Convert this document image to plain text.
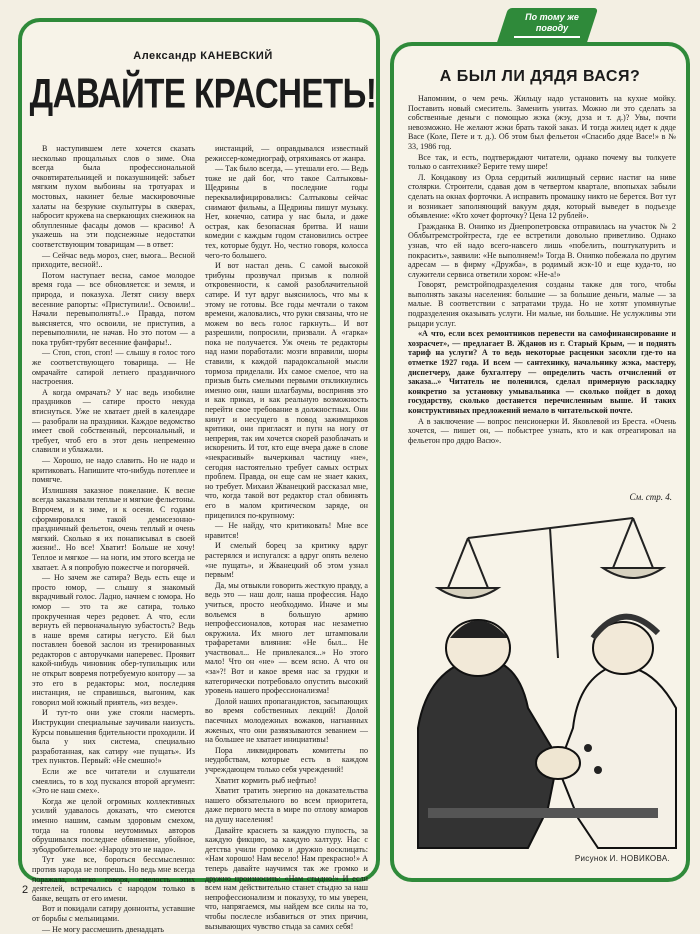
Александр КАНЕВСКИЙ
ДАВАЙТЕ КРАСНЕТЬ!

В наступившем лете хочется сказать несколько прощальных слов о зиме. Она всегда была профессиональной очковтирательницей и показушницей: забьет мягким пухом выбоины на тротуарах и мостовых, накинет белые маскировочные халаты на безрукие скульптуры в скверах, набросит кружева на сверкающих снежинок на облупленные фасады домов — красиво! А укажешь на эти подснежные недостатки соответствующим товарищам — в ответ:

— Сейчас ведь мороз, снег, вьюга... Весной приходите, весной!..

Потом наступает весна, самое молодое время года — все обновляется: и земля, и природа, и показуха. Летят снизу вверх весенние рапорты: «Приступили!.. Освоили!.. Начали перевыполнять!..» Правда, потом выясняется, что освоили, не приступив, а перевыполнили, не начав. Но это потом — а пока трубят-трубят весенние фанфары!..

— Стоп, стоп, стоп! — слышу я голос того же соответствующего товарища. — Не омрачайте сатирой летнего праздничного настроения.

А когда омрачать? У нас ведь изобилие праздников — сатире просто некуда втиснуться. Уже не хватает дней в календаре — разобрали на праздники. Каждое ведомство имеет свой собственный, персональный, и требует, чтоб его в этот день непременно славили и ублажали.

— Хорошо, не надо славить. Но не надо и критиковать. Напишите что-нибудь потеплее и помягче.

Излишняя заказное пожелание. К весне всегда заказывали теплые и мягкие фельетоны. Впрочем, и к зиме, и к осени. С годами сформировался такой демисезонно-праздничный фельетон, очень теплый и очень мягкий. Сколько я их понаписывал в своей жизни!.. Но все! Хватит! Больше не хочу! Теплое и мягкое — на ноги, им этого всегда не хватает. А я попробую пожестче и погорячей.

— Но зачем же сатира? Ведь есть еще и просто юмор, — слышу я знакомый вкрадчивый голос. Ладно, начнем с юмора. Но юмор — это та же сатира, только прокрученная через редовет. А что, если вернуть ей первоначальную зубастость? Ведь в наше время сатиры негусто. Ей был поставлен боевой заслон из тренированных редакторов с авторучками наперевес. Проявит какой-нибудь чиновник обер-тупильщик или не открыт вовремя потребуемую контору — за это его в редакторы: мол, последняя инстанция, не справишься, выгоним, как говорил мой южный приятель, «из везде».

И тут-то они уже стояли насмерть. Инструкции специальные заучивали наизусть. Курсы повышения бдительности проходили. И была у них система, специально разработанная, как сатиру «не пущать». Из трех пунктов. Первый: «Не смешно!»

Если же все читатели и слушатели смеялись, то в ход пускался второй аргумент: «Это не наш смех».

Когда же целой огромных коллективных усилий удавалось доказать, что смеются именно нашим, самым здоровым смехом, тогда на головы неутомимых авторов обрушивался последнее обвинение, убойное, зубодробительное: «Народу это не надо».

Тут уже все, бороться бессмысленно: против народа не попрешь. Но ведь мне всегда поражала, мягко говоря, смелость этих деятелей, встречались с народом только в банке, вещать от его имени.

Вот и покидали сатиру доннонты, уставшие от борьбы с мельницами.

— Не могу рассмешить двенадцать

инстанций, — оправдывался известный режиссер-комедиограф, отряхиваясь от жанра.

— Так было всегда, — утешали его. — Ведь тоже не дай бог, что такое Салтыковы-Щедрины в последние годы переквалифицировались: Салтыковы сейчас снимают фильмы, а Щедрины пишут музыку. Нет, конечно, сатира у нас была, и даже острая, как безопасная бритва. И наши комедии с каждым годом становились острее тех, которые будут. Но, честно говоря, колосса чего-то большего.

И вот настал день. С самой высокой трибуны прозвучал призыв к полной откровенности, к самой разоблачительной сатире. И тут вдруг выяснилось, что мы к этому не готовы. Все годы мечтали о таком времени, жаловались, что руки связаны, что не можем во весь голос гаркнуть... И вот разрешили, попросили, призвали. А «гарка» пока не получается. Уж очень те редакторы над нами поработали: мозги вправили, шоры ставили, к каждой парадоксальной мысли тормоза приделали. Их самое смелое, что на призыв быть смелыми первыми откликнулись именно они, наши шлагбаумы, восприняв это и как приказ, и как реальную возможность перейти свое требование в должностных. Они кинут и несущего в повод зажимщиков критики, они пригласят и пугн на ногу от непрерия, так им хочется скорей разоблачать и искоренить. И тот, кто еще вчера даже в слове «некрасивый» вычеркивал частицу «не», сегодня настоятельно требует самых острых проблем. Правда, он еще сам не знает каких, но требует. Михаил Жванецкий рассказал мне, что, когда такой вот редактор стал обвинять его в малом критическом заряде, он прицепился по-крупному:

— Не найду, что критиковать! Мне все нравится!

И смелый борец за критику вдруг растерялся и испугался: а вдруг опять велено «не пущать», и Жванецкий об этом узнал первым!

Да, мы отвыкли говорить жесткую правду, а ведь это — наш долг, наша профессия. Надо учиться, просто необходимо. Иначе и мы вольемся в большую армию непрофессионалов, которая нас незаметно окружила. Их много лет штамповали трафаретами влияния: «Не был... Не участвовал... Не привлекался...» Но этого мало! Что он «не» — всем ясно. А что он «за»?! Вот и какое время нас за грудки и категорически потребовало опустить высокий уровень нашего профессионализма!

Долой наших пропагандистов, засыпающих во время собственных лекций! Долой пасечных молодежных вожаков, нагнанных жженых, что они развязываются зеванием — на большее не хватает инициативы!

Пора ликвидировать комитеты по неудобствам, которые есть в каждом учреждающем только себя учреждений!

Хватит кормить рыб нефтью!

Хватит тратить энергию на доказательства нашего обязательного во всем приоритета, даже первого места в мире по отлову комаров на душу населения!

Давайте краснеть за каждую глупость, за каждую фикцию, за каждую халтуру. Нас с детства учили громко и дружно восклицать: «Нам хорошо! Нам весело! Нам прекрасно!» А теперь давайте научимся так же громко и дружно произносить: «Нам стыдно!» И если всем нам действительно станет стыдно за наш непрофессионализм и показуху, то мы уверен, что, напрягаемся, мы найдем все силы на то, чтобы послесле избавиться от этих причин, вызывающих чувство стыда за самих себя!

По тому же
поводу
А БЫЛ ЛИ ДЯДЯ ВАСЯ?

Напомним, о чем речь. Жильцу надо установить на кухне мойку. Поставить новый смеситель. Заменить унитаз. Можно ли это сделать за собственные деньги с помощью жэка (жэу, дэза и т. д.)? Увы, почти невозможно. Не желают жэки брать такой заказ. И тогда жилец идет к дяде Васе (Коле, Пете и т. д.). Об этом был фельетон «Спасибо дяде Васе!» в № 33, 1986 год.

Все так, и есть, подтверждают читатели, однако почему вы толкуете только о сантехнике? Берите тему шире!

Л. Кондакову из Орла сердитый жилищный сервис настиг на ниве столярки. Строители, сдавая дом в четвертом квартале, впопыхах забыли сделать на окнах форточки. А исправить промашку никто не берется. Вот тут и возникает заполняющий вакуум дядя, который выведет в подъезде объявление: «Кто хочет форточку? Цена 12 рублей».

Гражданка В. Онипко из Днепропетровска отправилась на участок № 2 Облбытремстройтреста, где ее встретили довольно приветливо. Однако узнав, что ей надо всего-навсего лишь «побелить, поштукатурить и покрасить», заявили: «Не выполняем!» Тогда В. Онипко побежала по другим адресам — в фирму «Дружба», в родимый жэк-10 и еще куда-то, но служители сервиса ответили хором: «Не-а!»

Говорят, ремстройподразделения созданы также для того, чтобы выполнять заказы населения: большие — за большие деньги, малые — за малые. В соответствии с затратами труда. Но не хотят упомянутые подразделения оказывать услуги. Ни малые, ни большие. Не услужливы эти рыцари услуг.

«А что, если всех ремонтников перевести на самофинансирование и хозрасчет», — предлагает В. Жданов из г. Старый Крым, — и поднять тариф на услуги? А то ведь некоторые расценки засохли где-то на отметке 1927 года. И всем — сантехнику, начальнику жэка, мастеру, диспетчеру, даже бухгалтеру — определить часть отчислений от заказа...» Читатель не поленился, сделал примерную раскладку конкретно за установку умывальника — сколько пойдет в доход государству, сколько достанется перечисленным выше. И таких конструктивных предложений немало в читательской почте.

А в заключение — вопрос пенсионерки И. Яковлевой из Бреста. «Очень хочется, — пишет он, — побыстрее узнать, кто и как отреагировал на фельетон про дядю Васю».

См. стр. 4.
Рисунок И. НОВИКОВА.
2
